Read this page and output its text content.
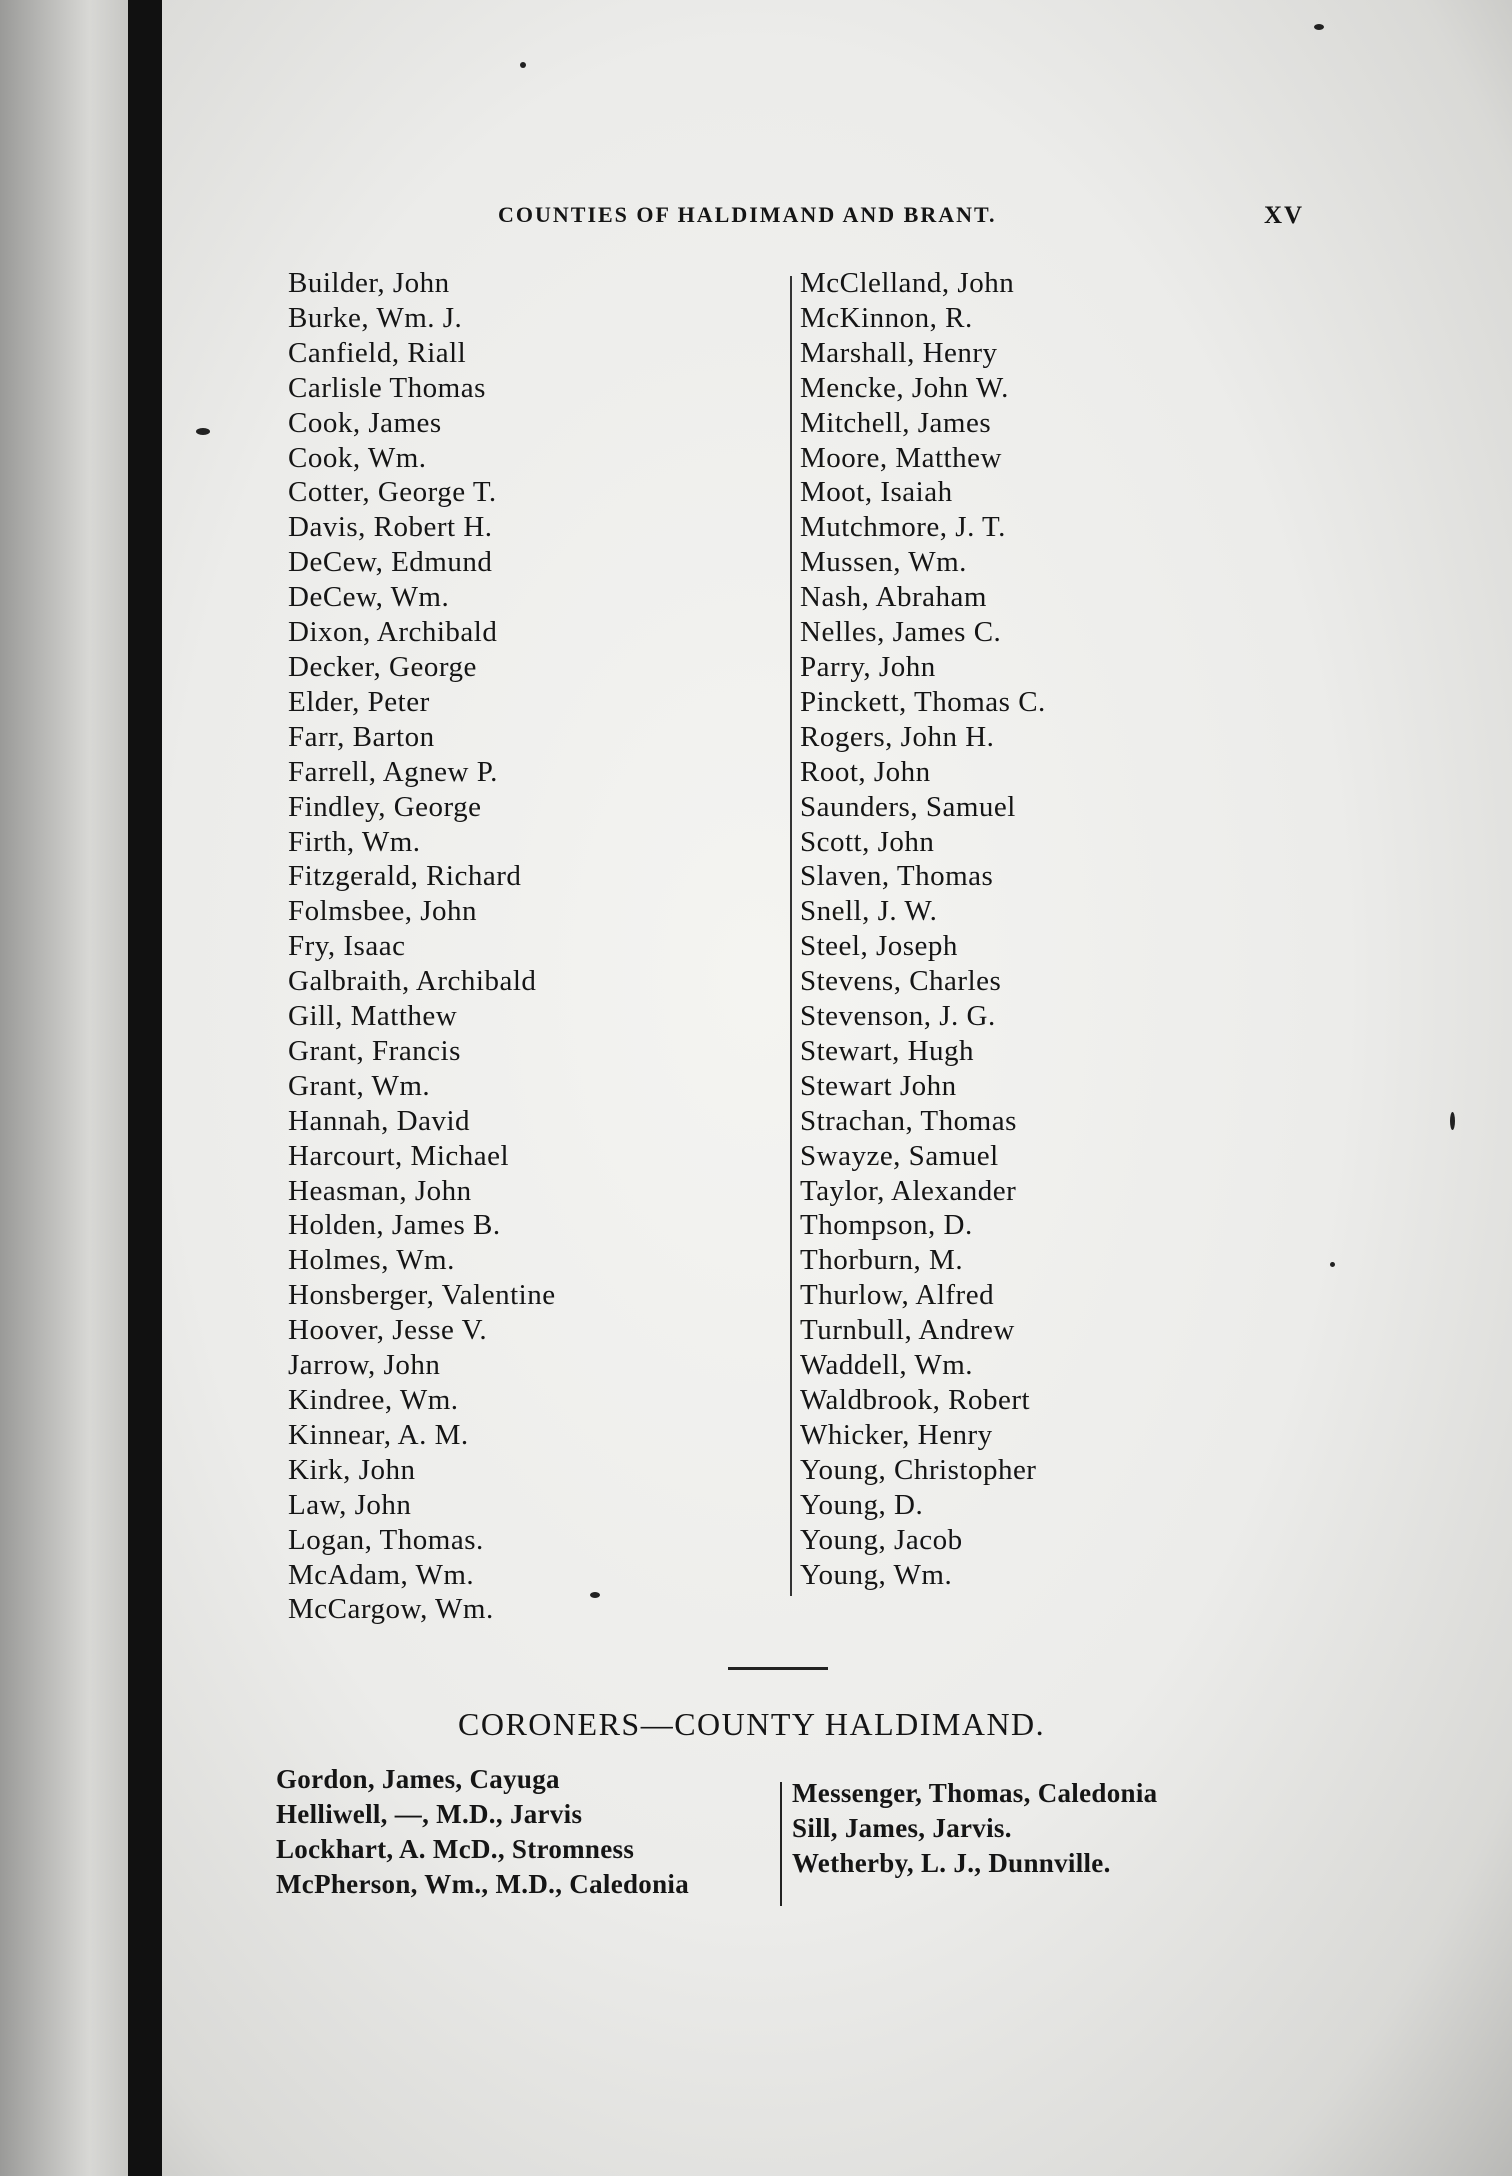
COUNTIES OF HALDIMAND AND BRANT.	XV
Builder, John
Burke, Wm. J.
Canfield, Riall
Carlisle Thomas
Cook, James
Cook, Wm.
Cotter, George T.
Davis, Robert H.
DeCew, Edmund
DeCew, Wm.
Dixon, Archibald
Decker, George
Elder, Peter
Farr, Barton
Farrell, Agnew P.
Findley, George
Firth, Wm.
Fitzgerald, Richard
Folmsbee, John
Fry, Isaac
Galbraith, Archibald
Gill, Matthew
Grant, Francis
Grant, Wm.
Hannah, David
Harcourt, Michael
Heasman, John
Holden, James B.
Holmes, Wm.
Honsberger, Valentine
Hoover, Jesse V.
Jarrow, John
Kindree, Wm.
Kinnear, A. M.
Kirk, John
Law, John
Logan, Thomas.
McAdam, Wm.
McCargow, Wm.
McClelland, John
McKinnon, R.
Marshall, Henry
Mencke, John W.
Mitchell, James
Moore, Matthew
Moot, Isaiah
Mutchmore, J. T.
Mussen, Wm.
Nash, Abraham
Nelles, James C.
Parry, John
Pinckett, Thomas C.
Rogers, John H.
Root, John
Saunders, Samuel
Scott, John
Slaven, Thomas
Snell, J. W.
Steel, Joseph
Stevens, Charles
Stevenson, J. G.
Stewart, Hugh
Stewart John
Strachan, Thomas
Swayze, Samuel
Taylor, Alexander
Thompson, D.
Thorburn, M.
Thurlow, Alfred
Turnbull, Andrew
Waddell, Wm.
Waldbrook, Robert
Whicker, Henry
Young, Christopher
Young, D.
Young, Jacob
Young, Wm.
CORONERS—COUNTY HALDIMAND.
Gordon, James, Cayuga
Helliwell, —, M.D., Jarvis
Lockhart, A. McD., Stromness
McPherson, Wm., M.D., Caledonia
Messenger, Thomas, Caledonia
Sill, James, Jarvis.
Wetherby, L. J., Dunnville.
